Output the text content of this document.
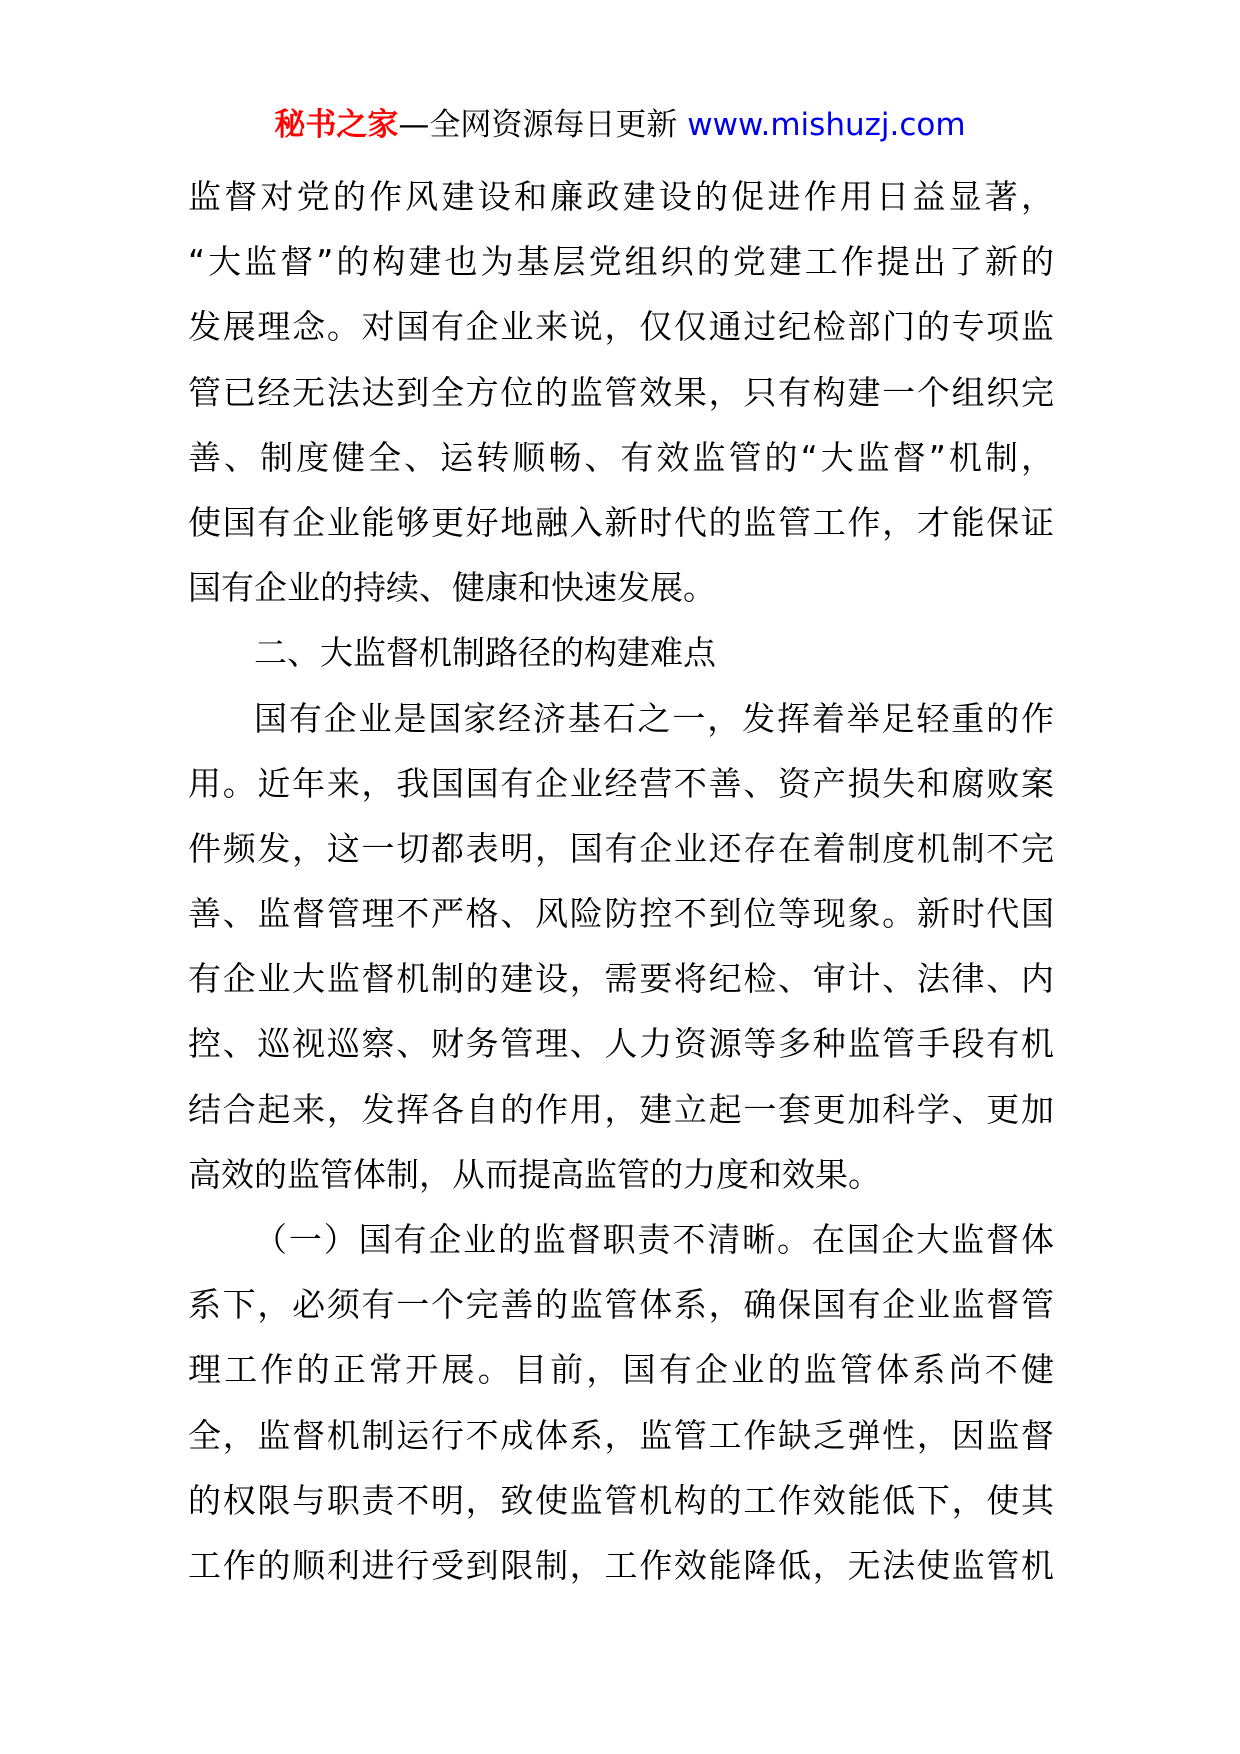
秘书之家—全网资源每日更新 www.mishuzj.com
监督对党的作风建设和廉政建设的促进作用日益显著，
“大监督”的构建也为基层党组织的党建工作提出了新的
发展理念。对国有企业来说，仅仅通过纪检部门的专项监
管已经无法达到全方位的监管效果，只有构建一个组织完
善、制度健全、运转顺畅、有效监管的“大监督”机制，
使国有企业能够更好地融入新时代的监管工作，才能保证
国有企业的持续、健康和快速发展。
二、大监督机制路径的构建难点
国有企业是国家经济基石之一，发挥着举足轻重的作
用。近年来，我国国有企业经营不善、资产损失和腐败案
件频发，这一切都表明，国有企业还存在着制度机制不完
善、监督管理不严格、风险防控不到位等现象。新时代国
有企业大监督机制的建设，需要将纪检、审计、法律、内
控、巡视巡察、财务管理、人力资源等多种监管手段有机
结合起来，发挥各自的作用，建立起一套更加科学、更加
高效的监管体制，从而提高监管的力度和效果。
（一）国有企业的监督职责不清晰。在国企大监督体
系下，必须有一个完善的监管体系，确保国有企业监督管
理工作的正常开展。目前，国有企业的监管体系尚不健
全，监督机制运行不成体系，监管工作缺乏弹性，因监督
的权限与职责不明，致使监管机构的工作效能低下，使其
工作的顺利进行受到限制，工作效能降低，无法使监管机
